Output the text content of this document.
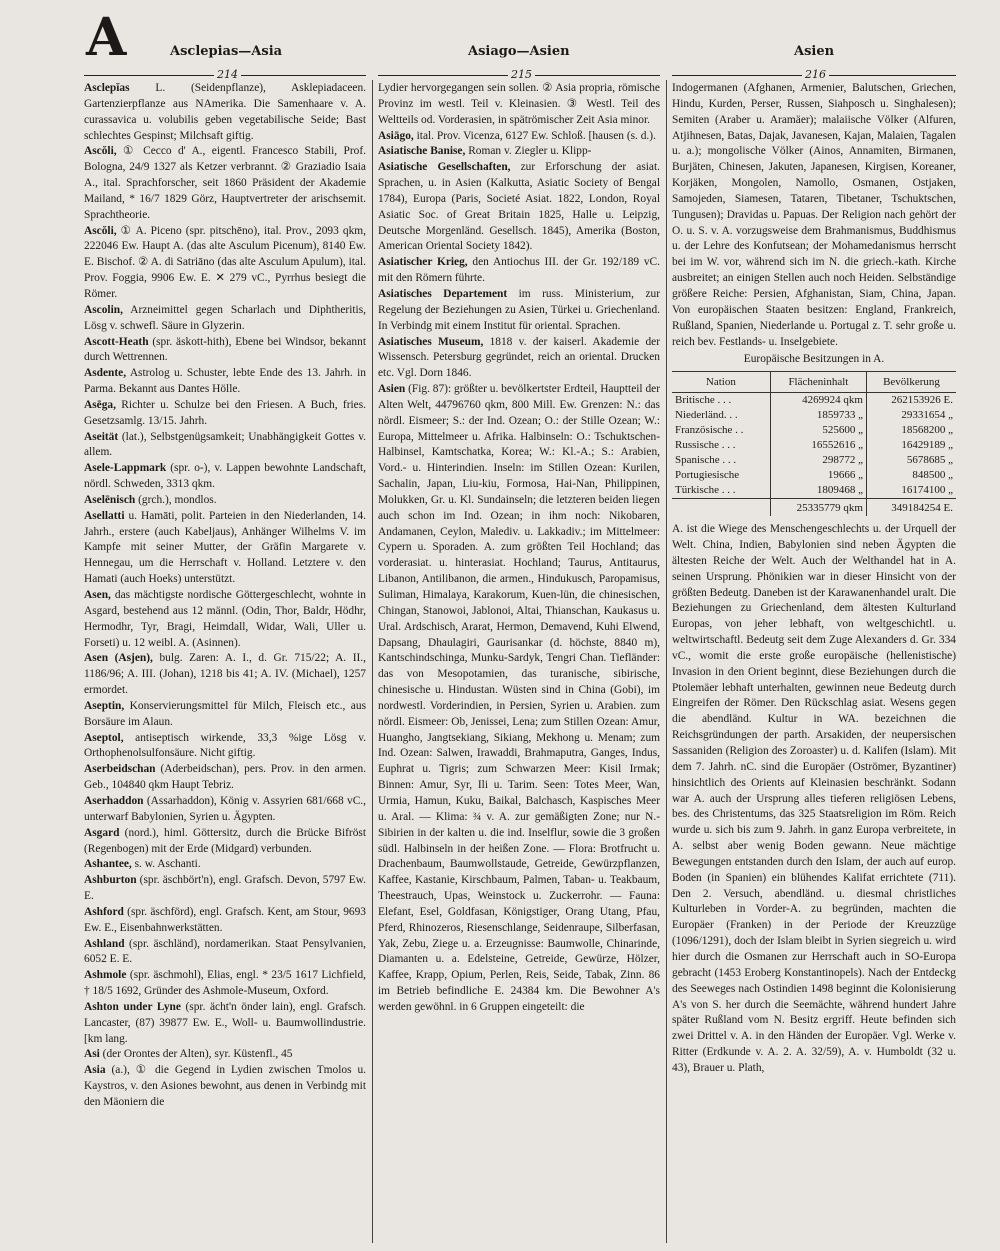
A	Asclepias—Asia	Asiago—Asien	Asien
214	215	216

Asclepĭas L. (Seidenpflanze), Asklepiadaceen. Gartenzierpflanze aus NAmerika. Die Samenhaare v. A. curassavica u. volubilis geben vegetabilische Seide; Bast schlechtes Gespinst; Milchsaft giftig.

Ascŏli, ① Cecco d' A., eigentl. Francesco Stabili, Prof. Bologna, 24/9 1327 als Ketzer verbrannt. ② Graziadio Isaia A., ital. Sprachforscher, seit 1860 Präsident der Akademie Mailand, * 16/7 1829 Görz, Hauptvertreter der arischsemit. Sprachtheorie.

Ascŏli, ① A. Piceno (spr. pitschēno), ital. Prov., 2093 qkm, 222046 Ew. Haupt A. (das alte Asculum Picenum), 8140 Ew. E. Bischof. ② A. di Satriāno (das alte Asculum Apulum), ital. Prov. Foggia, 9906 Ew. E. ✕ 279 vC., Pyrrhus besiegt die Römer.

Ascolin, Arzneimittel gegen Scharlach und Diphtheritis, Lösg v. schwefl. Säure in Glyzerin.

Ascott-Heath (spr. äskott-hith), Ebene bei Windsor, bekannt durch Wettrennen.

Asdente, Astrolog u. Schuster, lebte Ende des 13. Jahrh. in Parma. Bekannt aus Dantes Hölle.

Asēga, Richter u. Schulze bei den Friesen. A Buch, fries. Gesetzsamlg. 13/15. Jahrh.

Aseität (lat.), Selbstgenügsamkeit; Unabhängigkeit Gottes v. allem.

Asele-Lappmark (spr. o-), v. Lappen bewohnte Landschaft, nördl. Schweden, 3313 qkm.

Aselēnisch (grch.), mondlos.

Asellatti u. Hamāti, polit. Parteien in den Niederlanden, 14. Jahrh., erstere (auch Kabeljaus), Anhänger Wilhelms V. im Kampfe mit seiner Mutter, der Gräfin Margarete v. Hennegau, um die Herrschaft v. Holland. Letztere v. den Hamati (auch Hoeks) unterstützt.

Asen, das mächtigste nordische Göttergeschlecht, wohnte in Asgard, bestehend aus 12 männl. (Odin, Thor, Baldr, Hödhr, Hermodhr, Tyr, Bragi, Heimdall, Widar, Wali, Uller u. Forseti) u. 12 weibl. A. (Asinnen).

Asen (Asjen), bulg. Zaren: A. I., d. Gr. 715/22; A. II., 1186/96; A. III. (Johan), 1218 bis 41; A. IV. (Michael), 1257 ermordet.

Aseptin, Konservierungsmittel für Milch, Fleisch etc., aus Borsäure im Alaun.

Aseptol, antiseptisch wirkende, 33,3 %ige Lösg v. Orthophenolsulfonsäure. Nicht giftig.

Aserbeidschan (Aderbeidschan), pers. Prov. in den armen. Geb., 104840 qkm Haupt Tebriz.

Aserhaddon (Assarhaddon), König v. Assyrien 681/668 vC., unterwarf Babylonien, Syrien u. Ägypten.

Asgard (nord.), himl. Göttersitz, durch die Brücke Bifröst (Regenbogen) mit der Erde (Midgard) verbunden.

Ashantee, s. w. Aschanti.

Ashburton (spr. äschbört'n), engl. Grafsch. Devon, 5797 Ew. E.

Ashford (spr. äschförd), engl. Grafsch. Kent, am Stour, 9693 Ew. E., Eisenbahnwerkstätten.

Ashland (spr. äschländ), nordamerikan. Staat Pensylvanien, 6052 E. E.

Ashmole (spr. äschmohl), Elias, engl. * 23/5 1617 Lichfield, † 18/5 1692, Gründer des Ashmole-Museum, Oxford.

Ashton under Lyne (spr. ächt'n önder lain), engl. Grafsch. Lancaster, (87) 39877 Ew. E., Woll- u. Baumwollindustrie. [km lang.

Asi (der Orontes der Alten), syr. Küstenfl., 45

Asia (a.), ① die Gegend in Lydien zwischen Tmolos u. Kaystros, v. den Asiones bewohnt, aus denen in Verbindg mit den Mäoniern die

Lydier hervorgegangen sein sollen. ② Asia propria, römische Provinz im westl. Teil v. Kleinasien. ③ Westl. Teil des Weltteils od. Vorderasien, in spätrömischer Zeit Asia minor.

Asiāgo, ital. Prov. Vicenza, 6127 Ew. Schloß. [hausen (s. d.).

Asiatische Banise, Roman v. Ziegler u. Klipp-

Asiatische Gesellschaften, zur Erforschung der asiat. Sprachen, u. in Asien (Kalkutta, Asiatic Society of Bengal 1784), Europa (Paris, Societé Asiat. 1822, London, Royal Asiatic Soc. of Great Britain 1825, Halle u. Leipzig, Deutsche Morgenländ. Gesellsch. 1845), Amerika (Boston, American Oriental Society 1842).

Asiatischer Krieg, den Antiochus III. der Gr. 192/189 vC. mit den Römern führte.

Asiatisches Departement im russ. Ministerium, zur Regelung der Beziehungen zu Asien, Türkei u. Griechenland. In Verbindg mit einem Institut für oriental. Sprachen.

Asiatisches Museum, 1818 v. der kaiserl. Akademie der Wissensch. Petersburg gegründet, reich an oriental. Drucken etc. Vgl. Dorn 1846.

Asien (Fig. 87): größter u. bevölkertster Erdteil, Hauptteil der Alten Welt, 44796760 qkm, 800 Mill. Ew. Grenzen: N.: das nördl. Eismeer; S.: der Ind. Ozean; O.: der Stille Ozean; W.: Europa, Mittelmeer u. Afrika. Halbinseln: O.: Tschuktschen-Halbinsel, Kamtschatka, Korea; W.: Kl.-A.; S.: Arabien, Vord.- u. Hinterindien. Inseln: im Stillen Ozean: Kurilen, Sachalin, Japan, Liu-kiu, Formosa, Hai-Nan, Philippinen, Molukken, Gr. u. Kl. Sundainseln; die letzteren beiden liegen auch schon im Ind. Ozean; in ihm noch: Nikobaren, Andamanen, Ceylon, Malediv. u. Lakkadiv.; im Mittelmeer: Cypern u. Sporaden. A. zum größten Teil Hochland; das vorderasiat. u. hinterasiat. Hochland; Taurus, Antitaurus, Libanon, Antilibanon, die armen., Hindukusch, Paropamisus, Suliman, Himalaya, Karakorum, Kuen-lün, die chinesischen, Chingan, Stanowoi, Jablonoi, Altai, Thianschan, Kaukasus u. Ural. Ardschisch, Ararat, Hermon, Demavend, Kuhi Elwend, Dapsang, Dhaulagiri, Gaurisankar (d. höchste, 8840 m), Kantschindschinga, Munku-Sardyk, Tengri Chan. Tiefländer: das von Mesopotamien, das turanische, sibirische, chinesische u. Hindustan. Wüsten sind in China (Gobi), im nordwestl. Vorderindien, in Persien, Syrien u. Arabien. zum nördl. Eismeer: Ob, Jenissei, Lena; zum Stillen Ozean: Amur, Huangho, Jangtsekiang, Sikiang, Mekhong u. Menam; zum Ind. Ozean: Salwen, Irawaddi, Brahmaputra, Ganges, Indus, Euphrat u. Tigris; zum Schwarzen Meer: Kisil Irmak; Binnen: Amur, Syr, Ili u. Tarim. Seen: Totes Meer, Wan, Urmia, Hamun, Kuku, Baikal, Balchasch, Kaspisches Meer u. Aral. — Klima: ¾ v. A. zur gemäßigten Zone; nur N.-Sibirien in der kalten u. die ind. Inselflur, sowie die 3 großen südl. Halbinseln in der heißen Zone. — Flora: Brotfrucht u. Drachenbaum, Baumwollstaude, Getreide, Gewürzpflanzen, Kaffee, Kastanie, Kirschbaum, Palmen, Taban- u. Teakbaum, Theestrauch, Upas, Weinstock u. Zuckerrohr. — Fauna: Elefant, Esel, Goldfasan, Königstiger, Orang Utang, Pfau, Pferd, Rhinozeros, Riesenschlange, Seidenraupe, Silberfasan, Yak, Zebu, Ziege u. a. Erzeugnisse: Baumwolle, Chinarinde, Diamanten u. a. Edelsteine, Getreide, Gewürze, Hölzer, Kaffee, Krapp, Opium, Perlen, Reis, Seide, Tabak, Zinn. 86 im Betrieb befindliche E. 24384 km. Die Bewohner A's werden gewöhnl. in 6 Gruppen eingeteilt: die

Indogermanen (Afghanen, Armenier, Balutschen, Griechen, Hindu, Kurden, Perser, Russen, Siahposch u. Singhalesen); Semiten (Araber u. Aramäer); malaiische Völker (Alfuren, Atjihnesen, Batas, Dajak, Javanesen, Kajan, Malaien, Tagalen u. a.); mongolische Völker (Ainos, Annamiten, Birmanen, Burjäten, Chinesen, Jakuten, Japanesen, Kirgisen, Koreaner, Korjäken, Mongolen, Namollo, Osmanen, Ostjaken, Samojeden, Siamesen, Tataren, Tibetaner, Tschuktschen, Tungusen); Dravidas u. Papuas. Der Religion nach gehört der O. u. S. v. A. vorzugsweise dem Brahmanismus, Buddhismus u. der Lehre des Konfutsean; der Mohamedanismus herrscht bei im W. vor, während sich im N. die griech.-kath. Kirche ausbreitet; an einigen Stellen auch noch Heiden. Selbständige größere Reiche: Persien, Afghanistan, Siam, China, Japan. Von europäischen Staaten besitzen: England, Frankreich, Rußland, Spanien, Niederlande u. Portugal z. T. sehr große u. reich bev. Festlands- u. Inselgebiete.

Europäische Besitzungen in A.
Nation	Flächeninhalt	Bevölkerung
Britische . . .	4269924 qkm	262153926 E.
Niederländ. . .	1859733 „	29331654 „
Französische . .	525600 „	18568200 „
Russische . . .	16552616 „	16429189 „
Spanische . . .	298772 „	5678685 „
Portugiesische	19666 „	848500 „
Türkische . . .	1809468 „	16174100 „
	25335779 qkm	349184254 E.

A. ist die Wiege des Menschengeschlechts u. der Urquell der Welt. China, Indien, Babylonien sind neben Ägypten die ältesten Reiche der Welt. Auch der Welthandel hat in A. seinen Ursprung. Phönikien war in dieser Hinsicht von der größten Bedeutg. Daneben ist der Karawanenhandel uralt. Die Beziehungen zu Griechenland, dem ältesten Kulturland Europas, von jeher lebhaft, von weltgeschichtl. u. weltwirtschaftl. Bedeutg seit dem Zuge Alexanders d. Gr. 334 vC., womit die erste große europäische (hellenistische) Invasion in den Orient beginnt, diese Beziehungen durch die Ptolemäer lebhaft unterhalten, gewinnen neue Bedeutg durch Eingreifen der Römer. Den Rückschlag asiat. Wesens gegen die abendländ. Kultur in WA. bezeichnen die Reichsgründungen der parth. Arsakiden, der neupersischen Sassaniden (Religion des Zoroaster) u. d. Kalifen (Islam). Mit dem 7. Jahrh. nC. sind die Europäer (Oströmer, Byzantiner) hinsichtlich des Orients auf Kleinasien beschränkt. Sodann war A. auch der Ursprung alles tieferen religiösen Lebens, bes. des Christentums, das 325 Staatsreligion im Röm. Reich wurde u. sich bis zum 9. Jahrh. in ganz Europa verbreitete, in A. selbst aber wenig Boden gewann. Neue mächtige Bewegungen entstanden durch den Islam, der auch auf europ. Boden (in Spanien) ein blühendes Kalifat errichtete (711). Den 2. Versuch, abendländ. u. diesmal christliches Kulturleben in Vorder-A. zu begründen, machten die Europäer (Franken) in der Periode der Kreuzzüge (1096/1291), doch der Islam bleibt in Syrien siegreich u. wird hier durch die Osmanen zur Herrschaft auch in SO-Europa gebracht (1453 Eroberg Konstantinopels). Nach der Entdeckg des Seeweges nach Ostindien 1498 beginnt die Kolonisierung A's von S. her durch die Seemächte, während hundert Jahre später Rußland vom N. Besitz ergriff. Heute befinden sich zwei Drittel v. A. in den Händen der Europäer. Vgl. Werke v. Ritter (Erdkunde v. A. 2. A. 32/59), A. v. Humboldt (32 u. 43), Brauer u. Plath,
